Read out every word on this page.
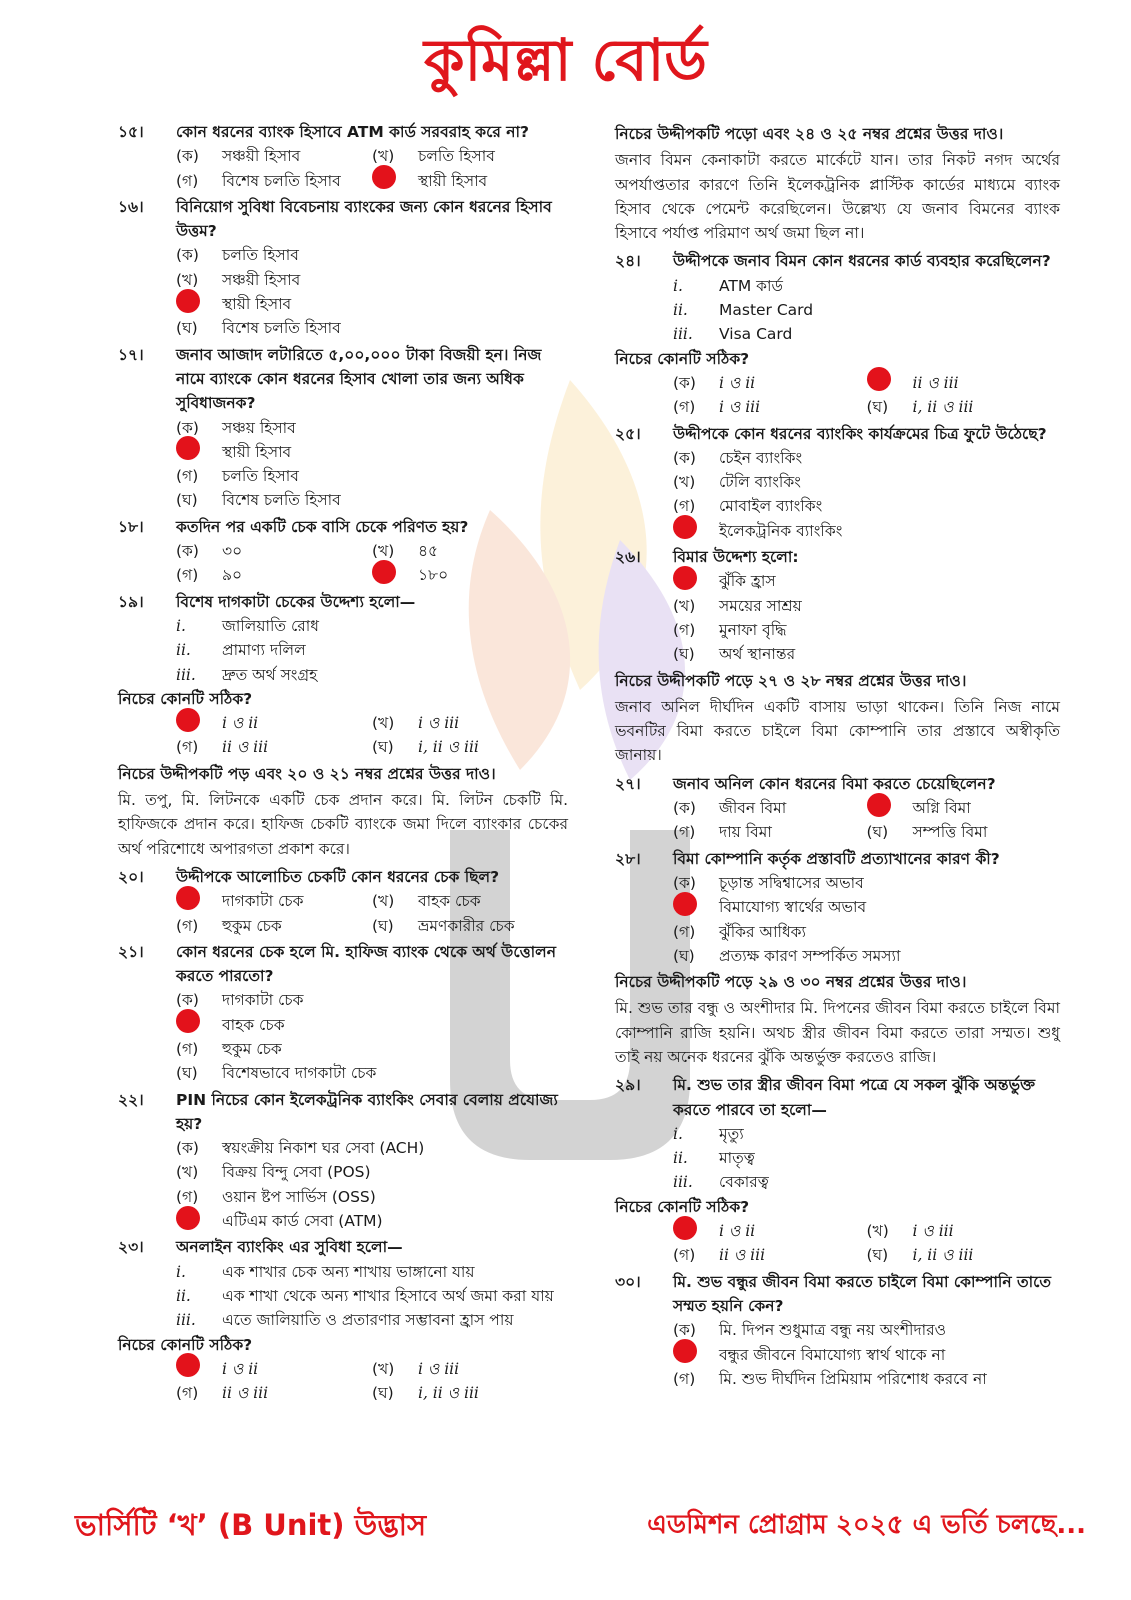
কুমিল্লা বোর্ড
১৫। কোন ধরনের ব্যাংক হিসাবে ATM কার্ড সরবরাহ করে না?
(ক)	সঞ্চয়ী হিসাব	(খ)	চলতি হিসাব
(গ)	বিশেষ চলতি হিসাব	স্থায়ী হিসাব
১৬। বিনিয়োগ সুবিধা বিবেচনায় ব্যাংকের জন্য কোন ধরনের হিসাব উত্তম?
(ক)	চলতি হিসাব
(খ)	সঞ্চয়ী হিসাব
স্থায়ী হিসাব
(ঘ)	বিশেষ চলতি হিসাব
১৭। জনাব আজাদ লটারিতে ৫,০০,০০০ টাকা বিজয়ী হন। নিজ নামে ব্যাংকে কোন ধরনের হিসাব খোলা তার জন্য অধিক সুবিধাজনক?
(ক)	সঞ্চয় হিসাব
স্থায়ী হিসাব
(গ)	চলতি হিসাব
(ঘ)	বিশেষ চলতি হিসাব
১৮। কতদিন পর একটি চেক বাসি চেকে পরিণত হয়?
(ক)	৩০	(খ)	৪৫
(গ)	৯০	১৮০
১৯। বিশেষ দাগকাটা চেকের উদ্দেশ্য হলো—
i.	জালিয়াতি রোধ
ii.	প্রামাণ্য দলিল
iii.	দ্রুত অর্থ সংগ্রহ
নিচের কোনটি সঠিক?
i ও ii	(খ)	i ও iii
(গ)	ii ও iii	(ঘ)	i, ii ও iii
নিচের উদ্দীপকটি পড় এবং ২০ ও ২১ নম্বর প্রশ্নের উত্তর দাও।
মি. তপু, মি. লিটনকে একটি চেক প্রদান করে। মি. লিটন চেকটি মি. হাফিজকে প্রদান করে। হাফিজ চেকটি ব্যাংকে জমা দিলে ব্যাংকার চেকের অর্থ পরিশোধে অপারগতা প্রকাশ করে।
২০। উদ্দীপকে আলোচিত চেকটি কোন ধরনের চেক ছিল?
দাগকাটা চেক	(খ)	বাহক চেক
(গ)	হুকুম চেক	(ঘ)	ভ্রমণকারীর চেক
২১। কোন ধরনের চেক হলে মি. হাফিজ ব্যাংক থেকে অর্থ উত্তোলন করতে পারতো?
(ক)	দাগকাটা চেক
বাহক চেক
(গ)	হুকুম চেক
(ঘ)	বিশেষভাবে দাগকাটা চেক
২২। PIN নিচের কোন ইলেকট্রনিক ব্যাংকিং সেবার বেলায় প্রযোজ্য হয়?
(ক)	স্বয়ংক্রীয় নিকাশ ঘর সেবা (ACH)
(খ)	বিক্রয় বিন্দু সেবা (POS)
(গ)	ওয়ান ষ্টপ সার্ভিস (OSS)
এটিএম কার্ড সেবা (ATM)
২৩। অনলাইন ব্যাংকিং এর সুবিধা হলো—
i.	এক শাখার চেক অন্য শাখায় ভাঙ্গানো যায়
ii.	এক শাখা থেকে অন্য শাখার হিসাবে অর্থ জমা করা যায়
iii.	এতে জালিয়াতি ও প্রতারণার সম্ভাবনা হ্রাস পায়
নিচের কোনটি সঠিক?
i ও ii	(খ)	i ও iii
(গ)	ii ও iii	(ঘ)	i, ii ও iii
নিচের উদ্দীপকটি পড়ো এবং ২৪ ও ২৫ নম্বর প্রশ্নের উত্তর দাও।
জনাব বিমন কেনাকাটা করতে মার্কেটে যান। তার নিকট নগদ অর্থের অপর্যাপ্ততার কারণে তিনি ইলেকট্রনিক প্লাস্টিক কার্ডের মাধ্যমে ব্যাংক হিসাব থেকে পেমেন্ট করেছিলেন। উল্লেখ্য যে জনাব বিমনের ব্যাংক হিসাবে পর্যাপ্ত পরিমাণ অর্থ জমা ছিল না।
২৪। উদ্দীপকে জনাব বিমন কোন ধরনের কার্ড ব্যবহার করেছিলেন?
i.	ATM কার্ড
ii.	Master Card
iii.	Visa Card
নিচের কোনটি সঠিক?
(ক)	i ও ii	ii ও iii
(গ)	i ও iii	(ঘ)	i, ii ও iii
২৫। উদ্দীপকে কোন ধরনের ব্যাংকিং কার্যক্রমের চিত্র ফুটে উঠেছে?
(ক)	চেইন ব্যাংকিং
(খ)	টেলি ব্যাংকিং
(গ)	মোবাইল ব্যাংকিং
ইলেকট্রনিক ব্যাংকিং
২৬। বিমার উদ্দেশ্য হলো:
ঝুঁকি হ্রাস
(খ)	সময়ের সাশ্রয়
(গ)	মুনাফা বৃদ্ধি
(ঘ)	অর্থ স্থানান্তর
নিচের উদ্দীপকটি পড়ে ২৭ ও ২৮ নম্বর প্রশ্নের উত্তর দাও।
জনাব অনিল দীর্ঘদিন একটি বাসায় ভাড়া থাকেন। তিনি নিজ নামে ভবনটির বিমা করতে চাইলে বিমা কোম্পানি তার প্রস্তাবে অস্বীকৃতি জানায়।
২৭। জনাব অনিল কোন ধরনের বিমা করতে চেয়েছিলেন?
(ক)	জীবন বিমা	অগ্নি বিমা
(গ)	দায় বিমা	(ঘ)	সম্পত্তি বিমা
২৮। বিমা কোম্পানি কর্তৃক প্রস্তাবটি প্রত্যাখানের কারণ কী?
(ক)	চূড়ান্ত সদ্বিশ্বাসের অভাব
বিমাযোগ্য স্বার্থের অভাব
(গ)	ঝুঁকির আধিক্য
(ঘ)	প্রত্যক্ষ কারণ সম্পর্কিত সমস্যা
নিচের উদ্দীপকটি পড়ে ২৯ ও ৩০ নম্বর প্রশ্নের উত্তর দাও।
মি. শুভ তার বন্ধু ও অংশীদার মি. দিপনের জীবন বিমা করতে চাইলে বিমা কোম্পানি রাজি হয়নি। অথচ স্ত্রীর জীবন বিমা করতে তারা সম্মত। শুধু তাই নয় অনেক ধরনের ঝুঁকি অন্তর্ভুক্ত করতেও রাজি।
২৯। মি. শুভ তার স্ত্রীর জীবন বিমা পত্রে যে সকল ঝুঁকি অন্তর্ভুক্ত করতে পারবে তা হলো—
i.	মৃত্যু
ii.	মাতৃত্ব
iii.	বেকারত্ব
নিচের কোনটি সঠিক?
i ও ii	(খ)	i ও iii
(গ)	ii ও iii	(ঘ)	i, ii ও iii
৩০। মি. শুভ বন্ধুর জীবন বিমা করতে চাইলে বিমা কোম্পানি তাতে সম্মত হয়নি কেন?
(ক)	মি. দিপন শুধুমাত্র বন্ধু নয় অংশীদারও
বন্ধুর জীবনে বিমাযোগ্য স্বার্থ থাকে না
(গ)	মি. শুভ দীর্ঘদিন প্রিমিয়াম পরিশোধ করবে না
ভার্সিটি ‘খ’ (B Unit) উদ্ভাস	এডমিশন প্রোগ্রাম ২০২৫ এ ভর্তি চলছে...
